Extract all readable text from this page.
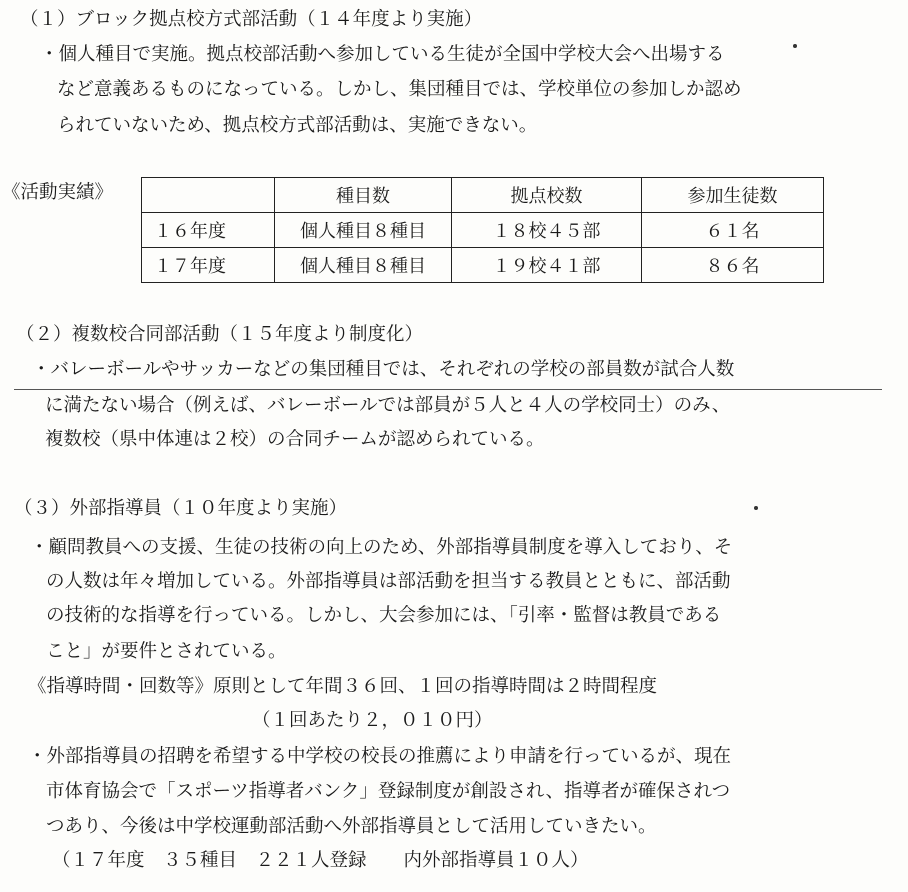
（１）ブロック拠点校方式部活動（１４年度より実施）
・個人種目で実施。拠点校部活動へ参加している生徒が全国中学校大会へ出場する
など意義あるものになっている。しかし、集団種目では、学校単位の参加しか認め
られていないため、拠点校方式部活動は、実施できない。
《活動実績》
		種目数	拠点校数	参加生徒数
１６年度	個人種目８種目	１８校４５部	６１名
１７年度	個人種目８種目	１９校４１部	８６名
（２）複数校合同部活動（１５年度より制度化）
・バレーボールやサッカーなどの集団種目では、それぞれの学校の部員数が試合人数
に満たない場合（例えば、バレーボールでは部員が５人と４人の学校同士）のみ、
複数校（県中体連は２校）の合同チームが認められている。
（３）外部指導員（１０年度より実施）
・顧問教員への支援、生徒の技術の向上のため、外部指導員制度を導入しており、そ
の人数は年々増加している。外部指導員は部活動を担当する教員とともに、部活動
の技術的な指導を行っている。しかし、大会参加には、「引率・監督は教員である
こと」が要件とされている。
《指導時間・回数等》原則として年間３６回、１回の指導時間は２時間程度
（１回あたり２，０１０円）
・外部指導員の招聘を希望する中学校の校長の推薦により申請を行っているが、現在
市体育協会で「スポーツ指導者バンク」登録制度が創設され、指導者が確保されつ
つあり、今後は中学校運動部活動へ外部指導員として活用していきたい。
（１７年度　３５種目　２２１人登録　　内外部指導員１０人）
